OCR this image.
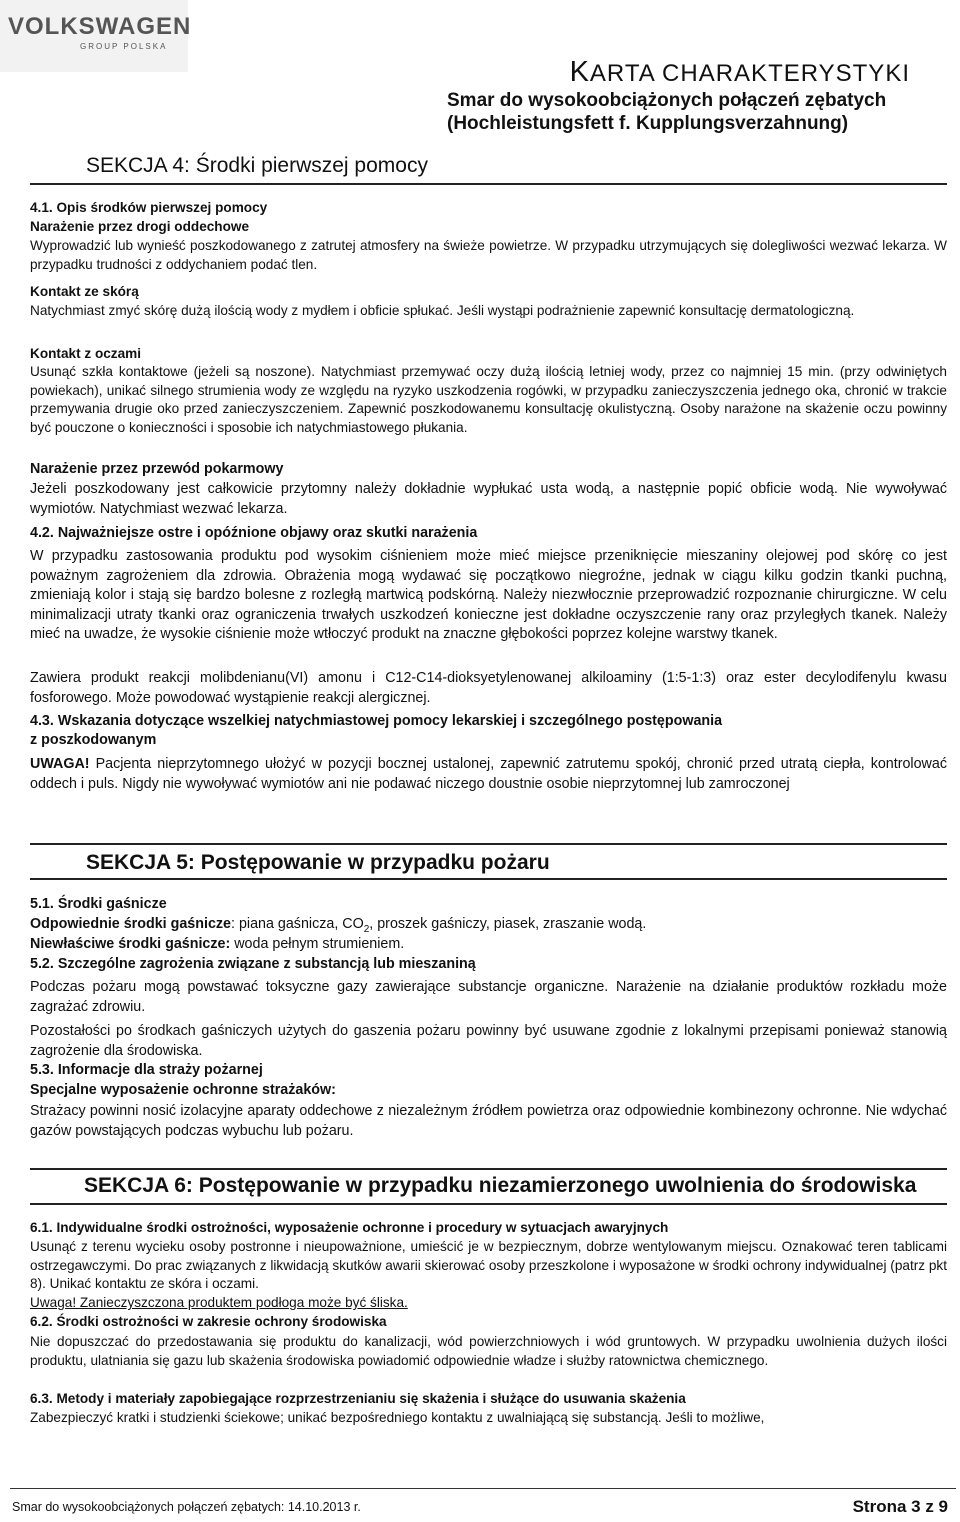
VOLKSWAGEN
GROUP POLSKA
KARTA CHARAKTERYSTYKI
Smar do wysokoobciążonych połączeń zębatych
(Hochleistungsfett f. Kupplungsverzahnung)
SEKCJA 4: Środki pierwszej pomocy
4.1. Opis środków pierwszej pomocy
Narażenie przez drogi oddechowe
Wyprowadzić lub wynieść poszkodowanego z zatrutej atmosfery na świeże powietrze. W przypadku utrzymujących się dolegliwości wezwać lekarza. W przypadku trudności z oddychaniem podać tlen.
Kontakt ze skórą
Natychmiast zmyć skórę dużą ilością wody z mydłem i obficie spłukać. Jeśli wystąpi podrażnienie zapewnić konsultację dermatologiczną.
Kontakt z oczami
Usunąć szkła kontaktowe (jeżeli są noszone). Natychmiast przemywać oczy dużą ilością letniej wody, przez co najmniej 15 min. (przy odwiniętych powiekach), unikać silnego strumienia wody ze względu na ryzyko uszkodzenia rogówki, w przypadku zanieczyszczenia jednego oka, chronić w trakcie przemywania drugie oko przed zanieczyszczeniem. Zapewnić poszkodowanemu konsultację okulistyczną. Osoby narażone na skażenie oczu powinny być pouczone o konieczności i sposobie ich natychmiastowego płukania.
Narażenie przez przewód pokarmowy
Jeżeli poszkodowany jest całkowicie przytomny należy dokładnie wypłukać usta wodą, a następnie popić obficie wodą. Nie wywoływać wymiotów. Natychmiast wezwać lekarza.
4.2. Najważniejsze ostre i opóźnione objawy oraz skutki narażenia
W przypadku zastosowania produktu pod wysokim ciśnieniem może mieć miejsce przeniknięcie mieszaniny olejowej pod skórę co jest poważnym zagrożeniem dla zdrowia. Obrażenia mogą wydawać się początkowo niegroźne, jednak w ciągu kilku godzin tkanki puchną, zmieniają kolor i stają się bardzo bolesne z rozległą martwicą podskórną. Należy niezwłocznie przeprowadzić rozpoznanie chirurgiczne. W celu minimalizacji utraty tkanki oraz ograniczenia trwałych uszkodzeń konieczne jest dokładne oczyszczenie rany oraz przyległych tkanek. Należy mieć na uwadze, że wysokie ciśnienie może wtłoczyć produkt na znaczne głębokości poprzez kolejne warstwy tkanek.
Zawiera produkt reakcji molibdenianu(VI) amonu i C12-C14-dioksyetylenowanej alkiloaminy (1:5-1:3) oraz ester decylodifenylu kwasu fosforowego. Może powodować wystąpienie reakcji alergicznej.
4.3. Wskazania dotyczące wszelkiej natychmiastowej pomocy lekarskiej i szczególnego postępowania
z poszkodowanym
UWAGA! Pacjenta nieprzytomnego ułożyć w pozycji bocznej ustalonej, zapewnić zatrutemu spokój, chronić przed utratą ciepła, kontrolować oddech i puls. Nigdy nie wywoływać wymiotów ani nie podawać niczego doustnie osobie nieprzytomnej lub zamroczonej
SEKCJA 5: Postępowanie w przypadku pożaru
5.1. Środki gaśnicze
Odpowiednie środki gaśnicze: piana gaśnicza, $CO_2$, proszek gaśniczy, piasek, zraszanie wodą.
Niewłaściwe środki gaśnicze: woda pełnym strumieniem.
5.2. Szczególne zagrożenia związane z substancją lub mieszaniną
Podczas pożaru mogą powstawać toksyczne gazy zawierające substancje organiczne. Narażenie na działanie produktów rozkładu może zagrażać zdrowiu.
Pozostałości po środkach gaśniczych użytych do gaszenia pożaru powinny być usuwane zgodnie z lokalnymi przepisami ponieważ stanowią zagrożenie dla środowiska.
5.3. Informacje dla straży pożarnej
Specjalne wyposażenie ochronne strażaków:
Strażacy powinni nosić izolacyjne aparaty oddechowe z niezależnym źródłem powietrza oraz odpowiednie kombinezony ochronne. Nie wdychać gazów powstających podczas wybuchu lub pożaru.
SEKCJA 6: Postępowanie w przypadku niezamierzonego uwolnienia do środowiska
6.1. Indywidualne środki ostrożności, wyposażenie ochronne i procedury w sytuacjach awaryjnych
Usunąć z terenu wycieku osoby postronne i nieupoważnione, umieścić je w bezpiecznym, dobrze wentylowanym miejscu. Oznakować teren tablicami ostrzegawczymi. Do prac związanych z likwidacją skutków awarii skierować osoby przeszkolone i wyposażone w środki ochrony indywidualnej (patrz pkt 8). Unikać kontaktu ze skóra i oczami.
Uwaga! Zanieczyszczona produktem podłoga może być śliska.
6.2. Środki ostrożności w zakresie ochrony środowiska
Nie dopuszczać do przedostawania się produktu do kanalizacji, wód powierzchniowych i wód gruntowych. W przypadku uwolnienia dużych ilości produktu, ulatniania się gazu lub skażenia środowiska powiadomić odpowiednie władze i służby ratownictwa chemicznego.
6.3. Metody i materiały zapobiegające rozprzestrzenianiu się skażenia i służące do usuwania skażenia
Zabezpieczyć kratki i studzienki ściekowe; unikać bezpośredniego kontaktu z uwalniającą się substancją. Jeśli to możliwe,
Smar do wysokoobciążonych połączeń zębatych: 14.10.2013 r.	Strona 3 z 9
